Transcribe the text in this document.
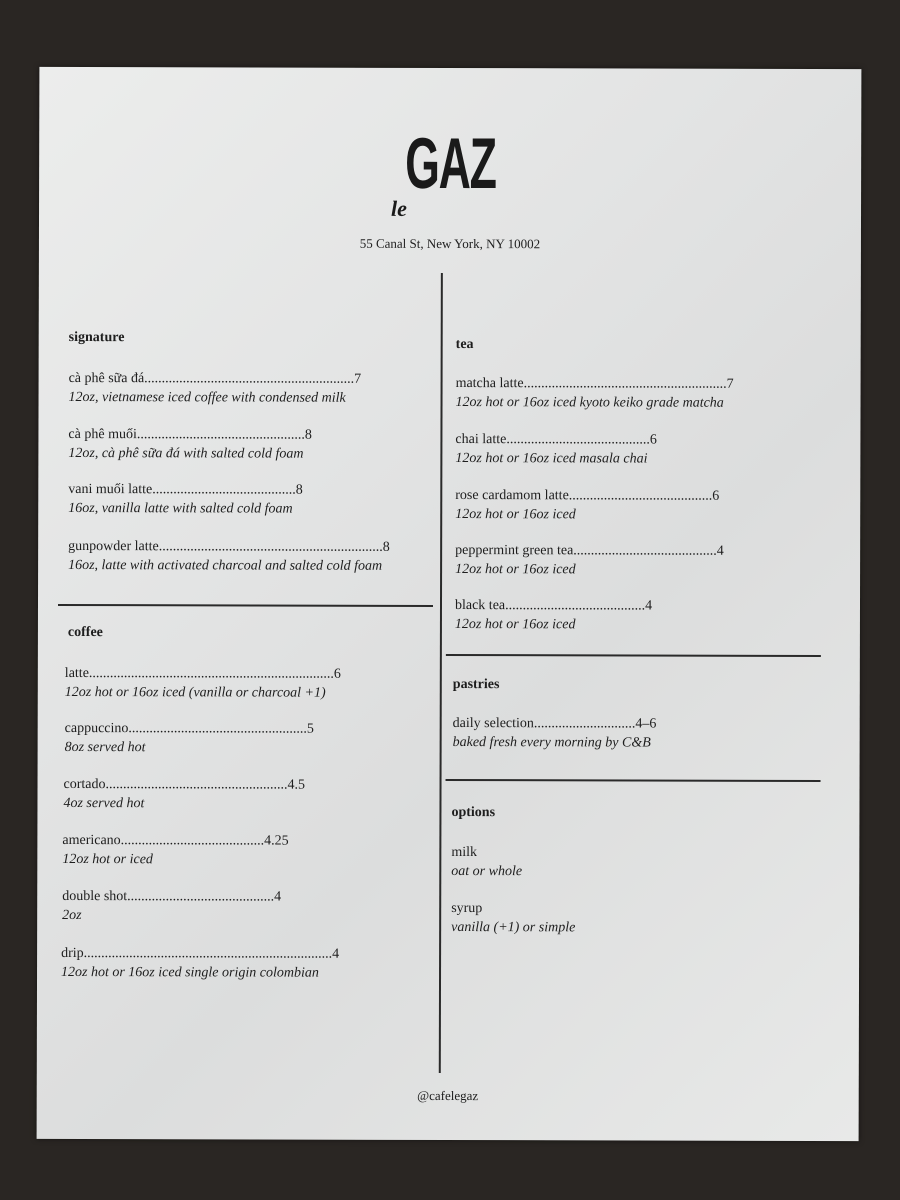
GAZ
le
55 Canal St, New York, NY 10002
signature
cà phê sữa đá............................................................7
12oz, vietnamese iced coffee with condensed milk
cà phê muối................................................8
12oz, cà phê sữa đá with salted cold foam
vani muối latte.........................................8
16oz, vanilla latte with salted cold foam
gunpowder latte................................................................8
16oz, latte with activated charcoal and salted cold foam
coffee
latte......................................................................6
12oz hot or 16oz iced (vanilla or charcoal +1)
cappuccino...................................................5
8oz served hot
cortado....................................................4.5
4oz served hot
americano.........................................4.25
12oz hot or iced
double shot..........................................4
2oz
drip.......................................................................4
12oz hot or 16oz iced single origin colombian
tea
matcha latte..........................................................7
12oz hot or 16oz iced kyoto keiko grade matcha
chai latte.........................................6
12oz hot or 16oz iced masala chai
rose cardamom latte.........................................6
12oz hot or 16oz iced
peppermint green tea.........................................4
12oz hot or 16oz iced
black tea........................................4
12oz hot or 16oz iced
pastries
daily selection.............................4–6
baked fresh every morning by C&B
options
milk
oat or whole
syrup
vanilla (+1) or simple
@cafelegaz
